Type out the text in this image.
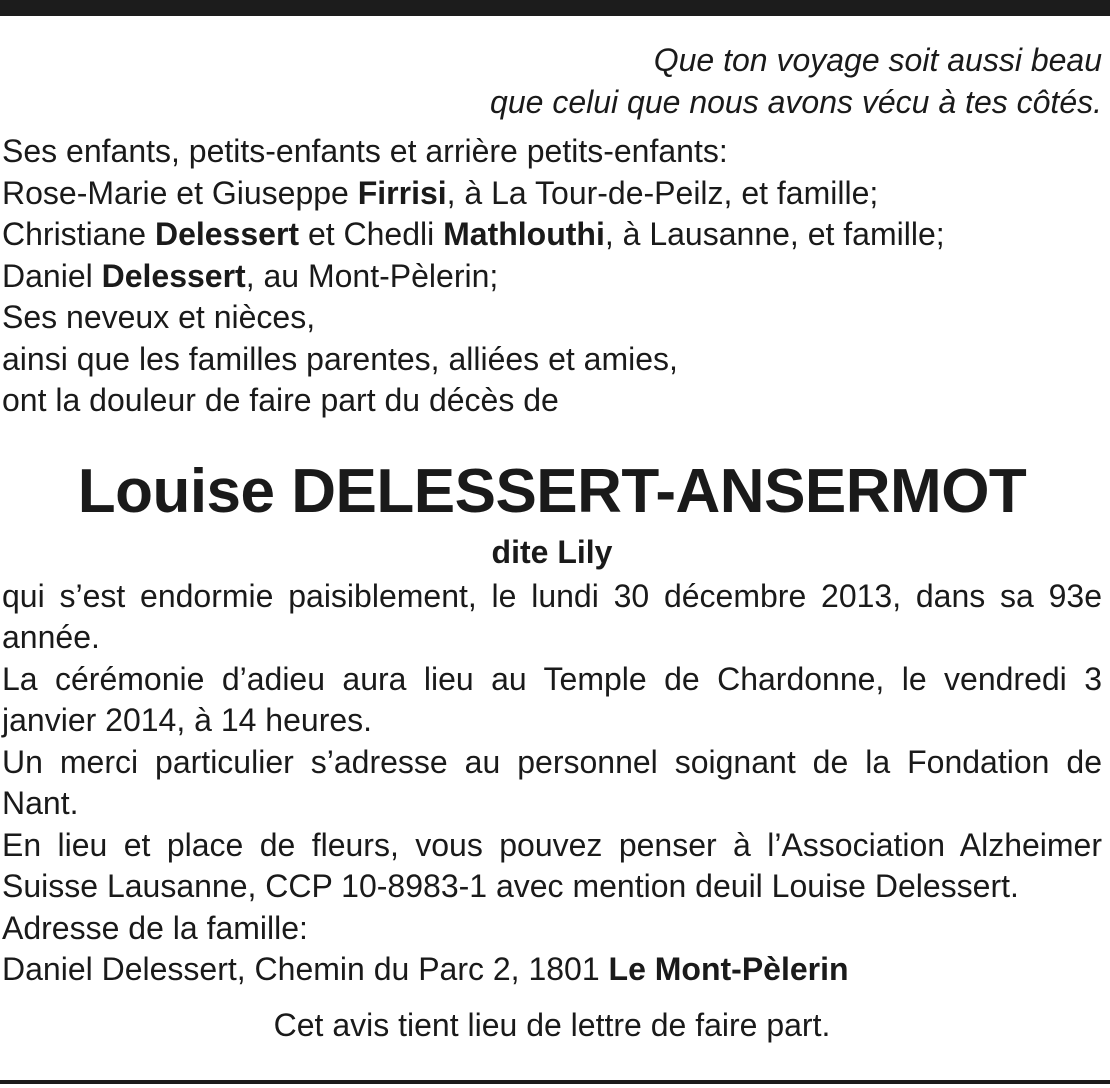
Que ton voyage soit aussi beau
que celui que nous avons vécu à tes côtés.
Ses enfants, petits-enfants et arrière petits-enfants:
Rose-Marie et Giuseppe Firrisi, à La Tour-de-Peilz, et famille;
Christiane Delessert et Chedli Mathlouthi, à Lausanne, et famille;
Daniel Delessert, au Mont-Pèlerin;
Ses neveux et nièces,
ainsi que les familles parentes, alliées et amies,
ont la douleur de faire part du décès de
Louise DELESSERT-ANSERMOT
dite Lily

qui s’est endormie paisiblement, le lundi 30 décembre 2013, dans sa 93e année.

La cérémonie d’adieu aura lieu au Temple de Chardonne, le vendredi 3 janvier 2014, à 14 heures.

Un merci particulier s’adresse au personnel soignant de la Fondation de Nant.

En lieu et place de fleurs, vous pouvez penser à l’Association Alzheimer Suisse Lausanne, CCP 10-8983-1 avec mention deuil Louise Delessert.

Adresse de la famille:
Daniel Delessert, Chemin du Parc 2, 1801 Le Mont-Pèlerin
Cet avis tient lieu de lettre de faire part.
